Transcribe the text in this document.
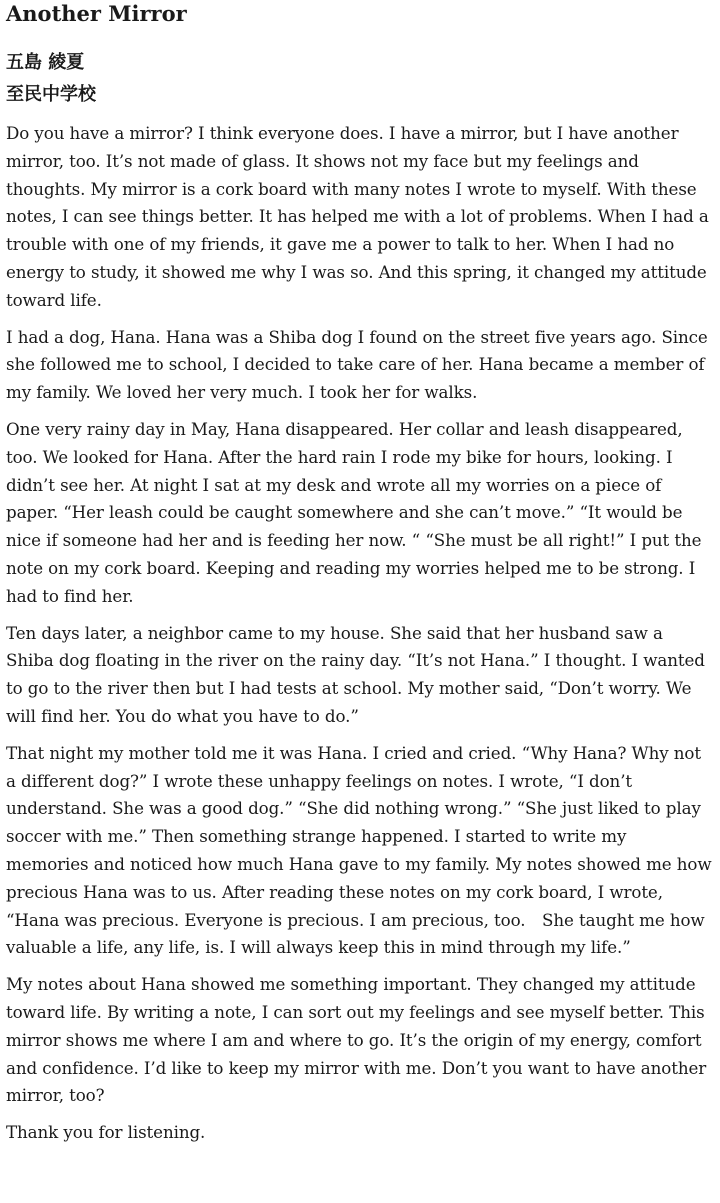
Another Mirror

五島 綾夏

至民中学校

Do you have a mirror? I think everyone does. I have a mirror, but I have another mirror, too. It’s not made of glass. It shows not my face but my feelings and thoughts. My mirror is a cork board with many notes I wrote to myself. With these notes, I can see things better. It has helped me with a lot of problems. When I had a trouble with one of my friends, it gave me a power to talk to her. When I had no energy to study, it showed me why I was so. And this spring, it changed my attitude toward life.

I had a dog, Hana. Hana was a Shiba dog I found on the street five years ago. Since she followed me to school, I decided to take care of her. Hana became a member of my family. We loved her very much. I took her for walks.

One very rainy day in May, Hana disappeared. Her collar and leash disappeared, too. We looked for Hana. After the hard rain I rode my bike for hours, looking. I didn’t see her. At night I sat at my desk and wrote all my worries on a piece of paper. “Her leash could be caught somewhere and she can’t move.” “It would be nice if someone had her and is feeding her now. “ “She must be all right!” I put the note on my cork board. Keeping and reading my worries helped me to be strong. I had to find her.

Ten days later, a neighbor came to my house. She said that her husband saw a Shiba dog floating in the river on the rainy day. “It’s not Hana.” I thought. I wanted to go to the river then but I had tests at school. My mother said, “Don’t worry. We will find her. You do what you have to do.”

That night my mother told me it was Hana. I cried and cried. “Why Hana? Why not a different dog?” I wrote these unhappy feelings on notes. I wrote, “I don’t understand. She was a good dog.” “She did nothing wrong.” “She just liked to play soccer with me.” Then something strange happened. I started to write my memories and noticed how much Hana gave to my family. My notes showed me how precious Hana was to us. After reading these notes on my cork board, I wrote, “Hana was precious. Everyone is precious. I am precious, too.　She taught me how valuable a life, any life, is. I will always keep this in mind through my life.”

My notes about Hana showed me something important. They changed my attitude toward life. By writing a note, I can sort out my feelings and see myself better. This mirror shows me where I am and where to go. It’s the origin of my energy, comfort and confidence. I’d like to keep my mirror with me. Don’t you want to have another mirror, too?

Thank you for listening.
